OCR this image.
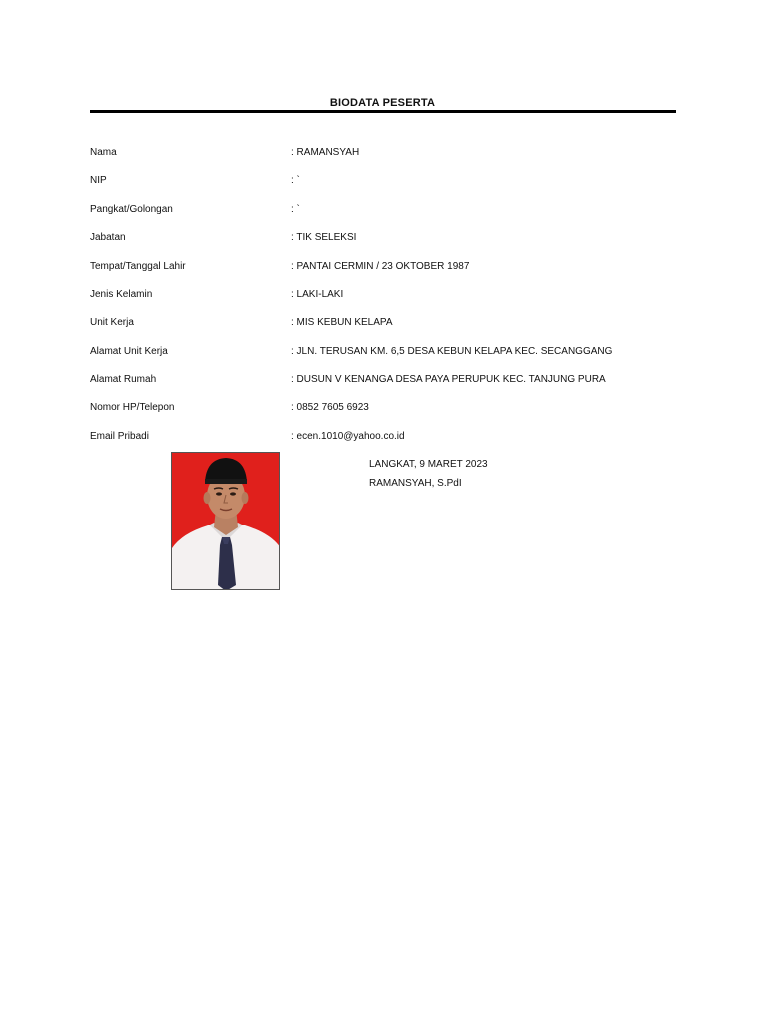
BIODATA PESERTA
Nama	: RAMANSYAH
NIP	: `
Pangkat/Golongan	: `
Jabatan	: TIK SELEKSI
Tempat/Tanggal Lahir	: PANTAI CERMIN / 23 OKTOBER 1987
Jenis Kelamin	: LAKI-LAKI
Unit Kerja	: MIS KEBUN KELAPA
Alamat Unit Kerja	: JLN. TERUSAN KM. 6,5 DESA KEBUN KELAPA KEC. SECANGGANG
Alamat Rumah	: DUSUN V KENANGA DESA PAYA PERUPUK KEC. TANJUNG PURA
Nomor HP/Telepon	: 0852 7605 6923
Email Pribadi	: ecen.1010@yahoo.co.id
LANGKAT, 9 MARET 2023
RAMANSYAH, S.PdI
